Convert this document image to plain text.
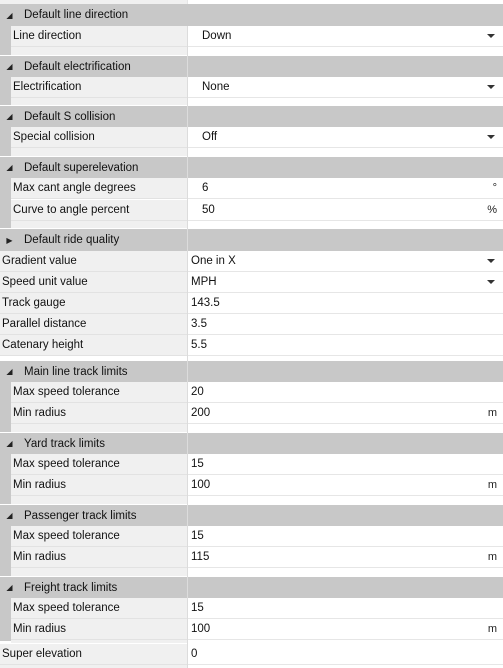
◢ Default line direction
Line direction	Down
◢ Default electrification
Electrification	None
◢ Default S collision
Special collision	Off
◢ Default superelevation
Max cant angle degrees	6	°
Curve to angle percent	50	%
▶ Default ride quality
Gradient value	One in X
Speed unit value	MPH
Track gauge	143.5
Parallel distance	3.5
Catenary height	5.5
◢ Main line track limits
Max speed tolerance	20
Min radius	200	m
◢ Yard track limits
Max speed tolerance	15
Min radius	100	m
◢ Passenger track limits
Max speed tolerance	15
Min radius	115	m
◢ Freight track limits
Max speed tolerance	15
Min radius	100	m
Super elevation	0
